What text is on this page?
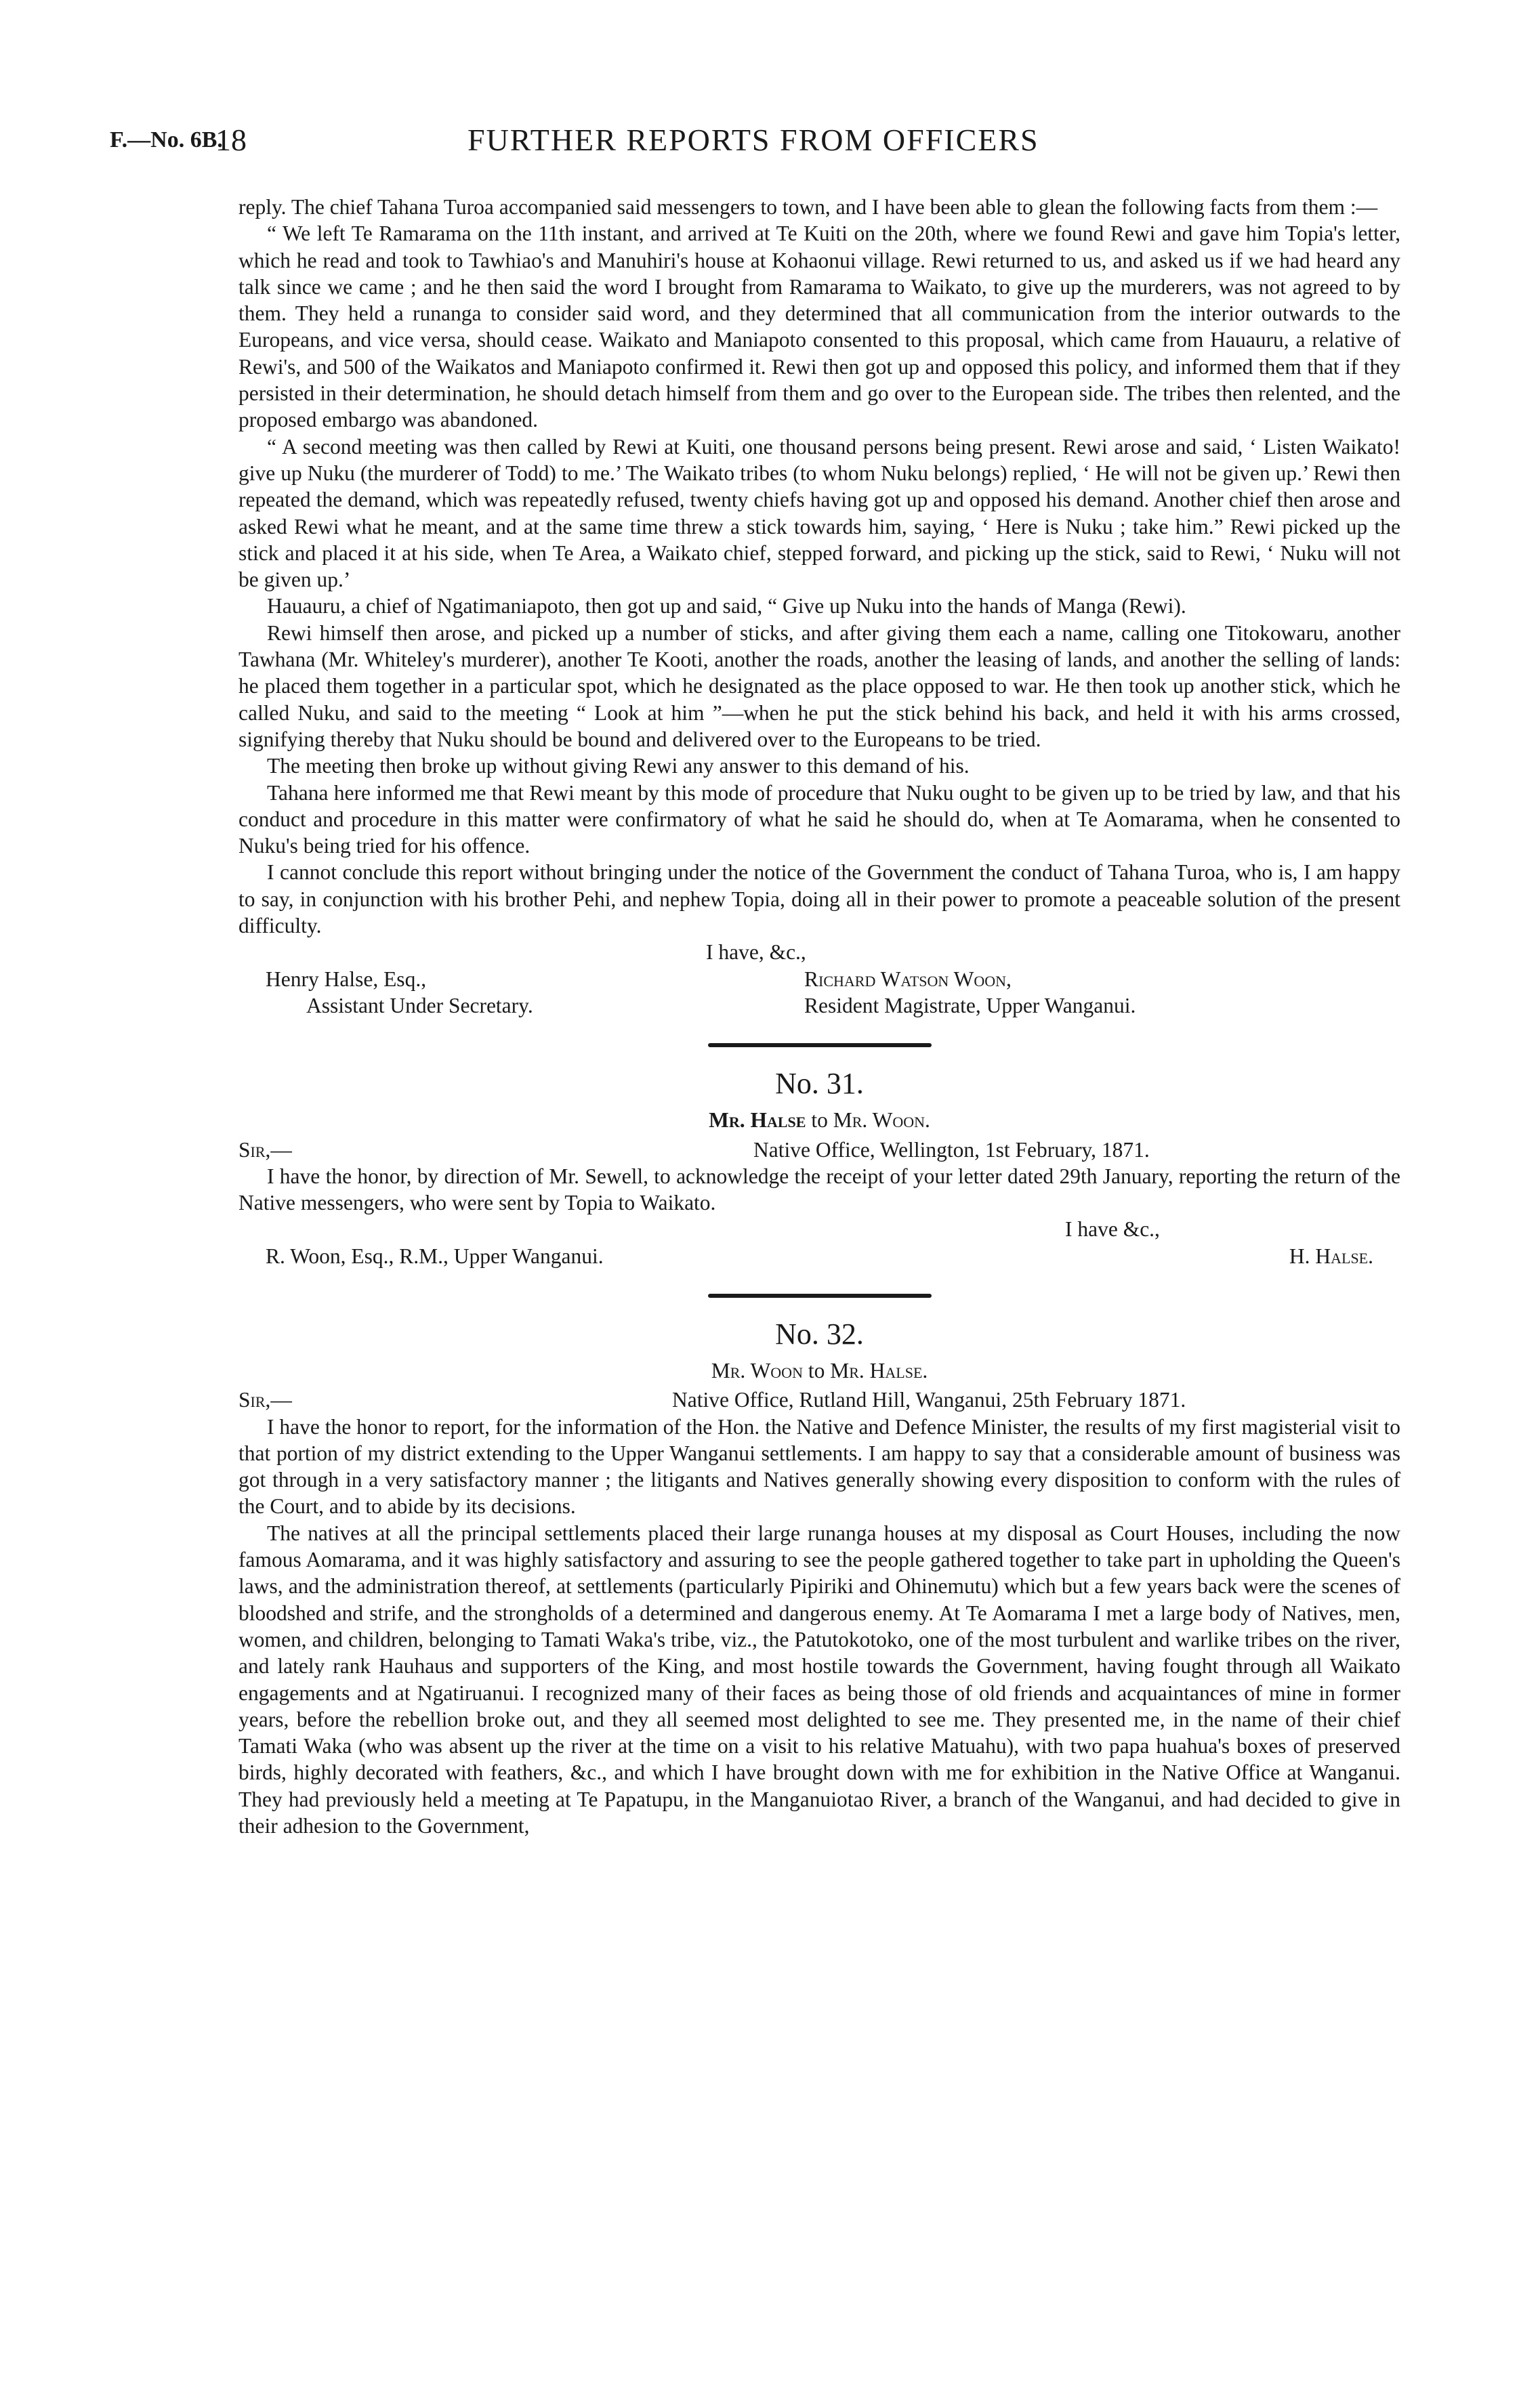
F.—No. 6B.
18	FURTHER REPORTS FROM OFFICERS

reply. The chief Tahana Turoa accompanied said messengers to town, and I have been able to glean the following facts from them :—

“ We left Te Ramarama on the 11th instant, and arrived at Te Kuiti on the 20th, where we found Rewi and gave him Topia's letter, which he read and took to Tawhiao's and Manuhiri's house at Kohaonui village. Rewi returned to us, and asked us if we had heard any talk since we came ; and he then said the word I brought from Ramarama to Waikato, to give up the murderers, was not agreed to by them. They held a runanga to consider said word, and they determined that all communication from the interior outwards to the Europeans, and vice versa, should cease. Waikato and Maniapoto consented to this proposal, which came from Hauauru, a relative of Rewi's, and 500 of the Waikatos and Maniapoto confirmed it. Rewi then got up and opposed this policy, and informed them that if they persisted in their determination, he should detach himself from them and go over to the European side. The tribes then relented, and the proposed embargo was abandoned.

“ A second meeting was then called by Rewi at Kuiti, one thousand persons being present. Rewi arose and said, ‘ Listen Waikato! give up Nuku (the murderer of Todd) to me.’ The Waikato tribes (to whom Nuku belongs) replied, ‘ He will not be given up.’ Rewi then repeated the demand, which was repeatedly refused, twenty chiefs having got up and opposed his demand. Another chief then arose and asked Rewi what he meant, and at the same time threw a stick towards him, saying, ‘ Here is Nuku ; take him.” Rewi picked up the stick and placed it at his side, when Te Area, a Waikato chief, stepped forward, and picking up the stick, said to Rewi, ‘ Nuku will not be given up.’

Hauauru, a chief of Ngatimaniapoto, then got up and said, “ Give up Nuku into the hands of Manga (Rewi).

Rewi himself then arose, and picked up a number of sticks, and after giving them each a name, calling one Titokowaru, another Tawhana (Mr. Whiteley's murderer), another Te Kooti, another the roads, another the leasing of lands, and another the selling of lands: he placed them together in a particular spot, which he designated as the place opposed to war. He then took up another stick, which he called Nuku, and said to the meeting “ Look at him ”—when he put the stick behind his back, and held it with his arms crossed, signifying thereby that Nuku should be bound and delivered over to the Europeans to be tried.

The meeting then broke up without giving Rewi any answer to this demand of his.

Tahana here informed me that Rewi meant by this mode of procedure that Nuku ought to be given up to be tried by law, and that his conduct and procedure in this matter were confirmatory of what he said he should do, when at Te Aomarama, when he consented to Nuku's being tried for his offence.

I cannot conclude this report without bringing under the notice of the Government the conduct of Tahana Turoa, who is, I am happy to say, in conjunction with his brother Pehi, and nephew Topia, doing all in their power to promote a peaceable solution of the present difficulty.

I have, &c.,

Henry Halse, Esq.,	Richard Watson Woon,
Assistant Under Secretary.	Resident Magistrate, Upper Wanganui.
No. 31.
Mr. Halse to Mr. Woon.
Sir,—	Native Office, Wellington, 1st February, 1871.

I have the honor, by direction of Mr. Sewell, to acknowledge the receipt of your letter dated 29th January, reporting the return of the Native messengers, who were sent by Topia to Waikato.

I have &c.,

R. Woon, Esq., R.M., Upper Wanganui.	H. Halse.
No. 32.
Mr. Woon to Mr. Halse.
Sir,—	Native Office, Rutland Hill, Wanganui, 25th February 1871.

I have the honor to report, for the information of the Hon. the Native and Defence Minister, the results of my first magisterial visit to that portion of my district extending to the Upper Wanganui settlements. I am happy to say that a considerable amount of business was got through in a very satisfactory manner ; the litigants and Natives generally showing every disposition to conform with the rules of the Court, and to abide by its decisions.

The natives at all the principal settlements placed their large runanga houses at my disposal as Court Houses, including the now famous Aomarama, and it was highly satisfactory and assuring to see the people gathered together to take part in upholding the Queen's laws, and the administration thereof, at settlements (particularly Pipiriki and Ohinemutu) which but a few years back were the scenes of bloodshed and strife, and the strongholds of a determined and dangerous enemy. At Te Aomarama I met a large body of Natives, men, women, and children, belonging to Tamati Waka's tribe, viz., the Patutokotoko, one of the most turbulent and warlike tribes on the river, and lately rank Hauhaus and supporters of the King, and most hostile towards the Government, having fought through all Waikato engagements and at Ngatiruanui. I recognized many of their faces as being those of old friends and acquaintances of mine in former years, before the rebellion broke out, and they all seemed most delighted to see me. They presented me, in the name of their chief Tamati Waka (who was absent up the river at the time on a visit to his relative Matuahu), with two papa huahua's boxes of preserved birds, highly decorated with feathers, &c., and which I have brought down with me for exhibition in the Native Office at Wanganui. They had previously held a meeting at Te Papatupu, in the Manganuiotao River, a branch of the Wanganui, and had decided to give in their adhesion to the Government,
